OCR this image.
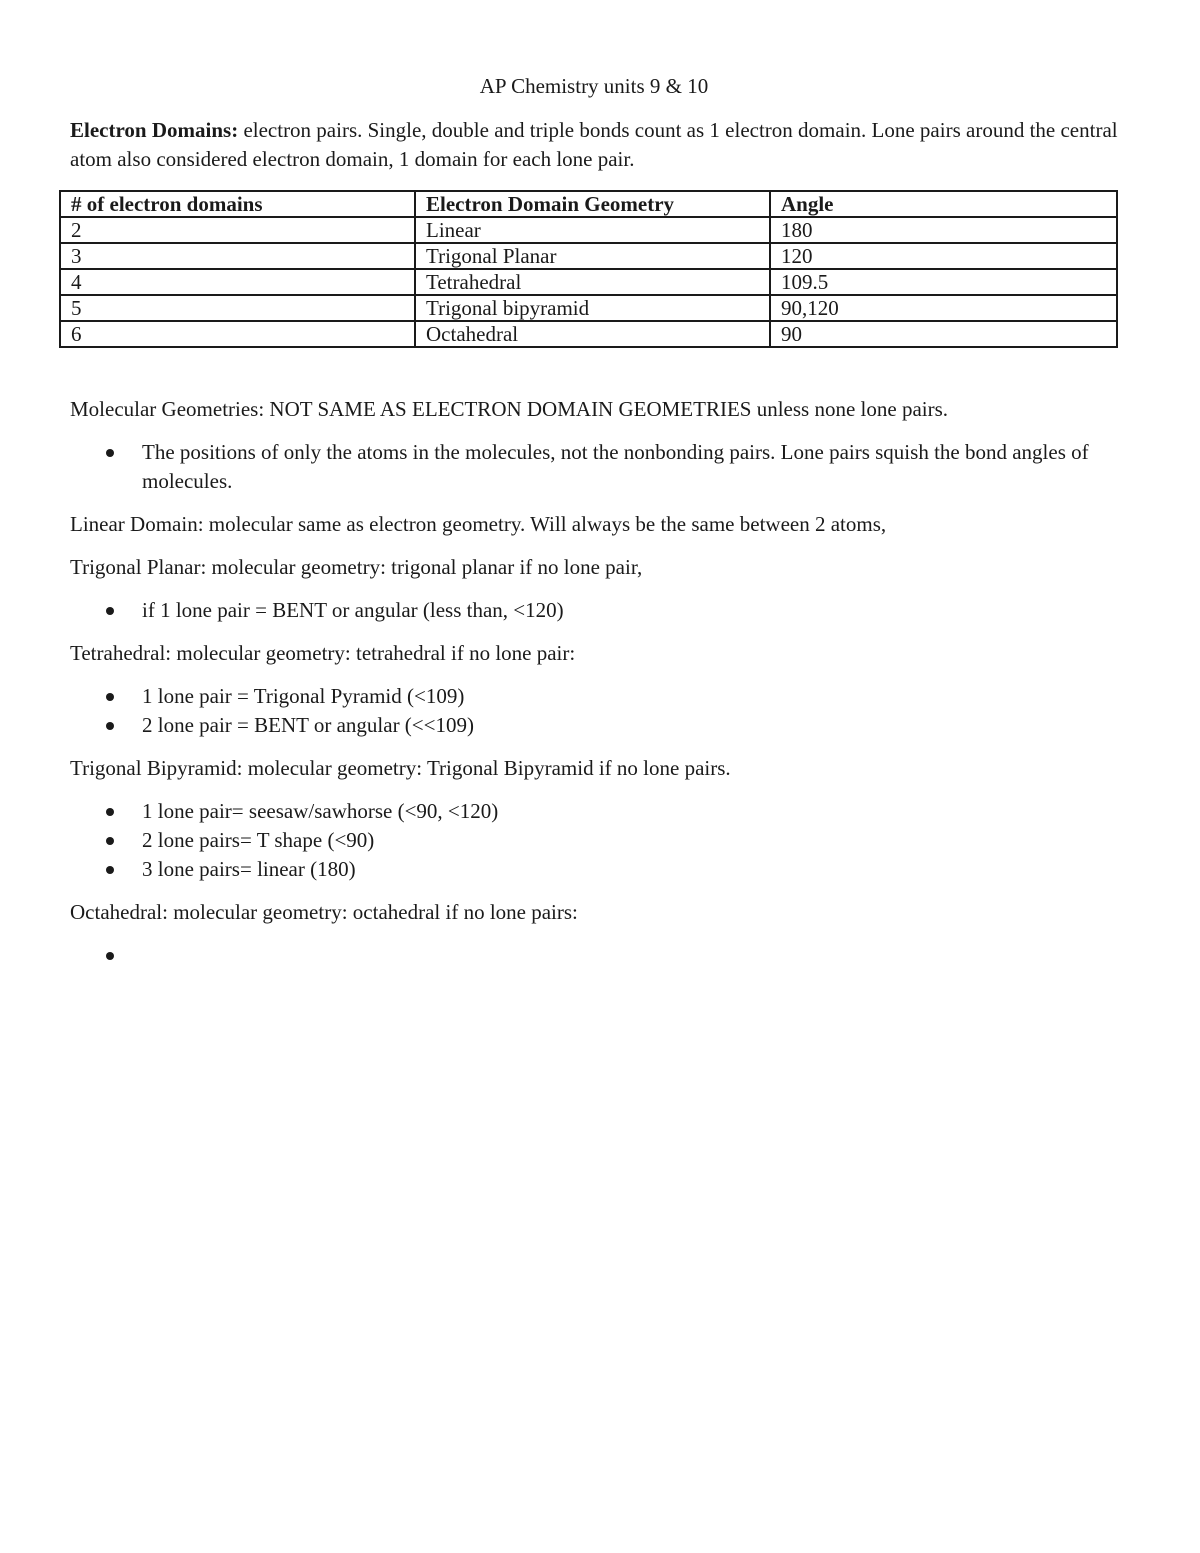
AP Chemistry units 9 & 10

Electron Domains: electron pairs. Single, double and triple bonds count as 1 electron domain. Lone pairs around the central atom also considered electron domain, 1 domain for each lone pair.

# of electron domains	Electron Domain Geometry	Angle
2	Linear	180
3	Trigonal Planar	120
4	Tetrahedral	109.5
5	Trigonal bipyramid	90,120
6	Octahedral	90

Molecular Geometries: NOT SAME AS ELECTRON DOMAIN GEOMETRIES unless none lone pairs.

The positions of only the atoms in the molecules, not the nonbonding pairs. Lone pairs squish the bond angles of molecules.

Linear Domain: molecular same as electron geometry. Will always be the same between 2 atoms,

Trigonal Planar: molecular geometry: trigonal planar if no lone pair,

if 1 lone pair = BENT or angular (less than, <120)

Tetrahedral: molecular geometry: tetrahedral if no lone pair:

1 lone pair = Trigonal Pyramid (<109)
2 lone pair = BENT or angular (<<109)

Trigonal Bipyramid: molecular geometry: Trigonal Bipyramid if no lone pairs.

1 lone pair= seesaw/sawhorse (<90, <120)
2 lone pairs= T shape (<90)
3 lone pairs= linear (180)

Octahedral: molecular geometry: octahedral if no lone pairs:
